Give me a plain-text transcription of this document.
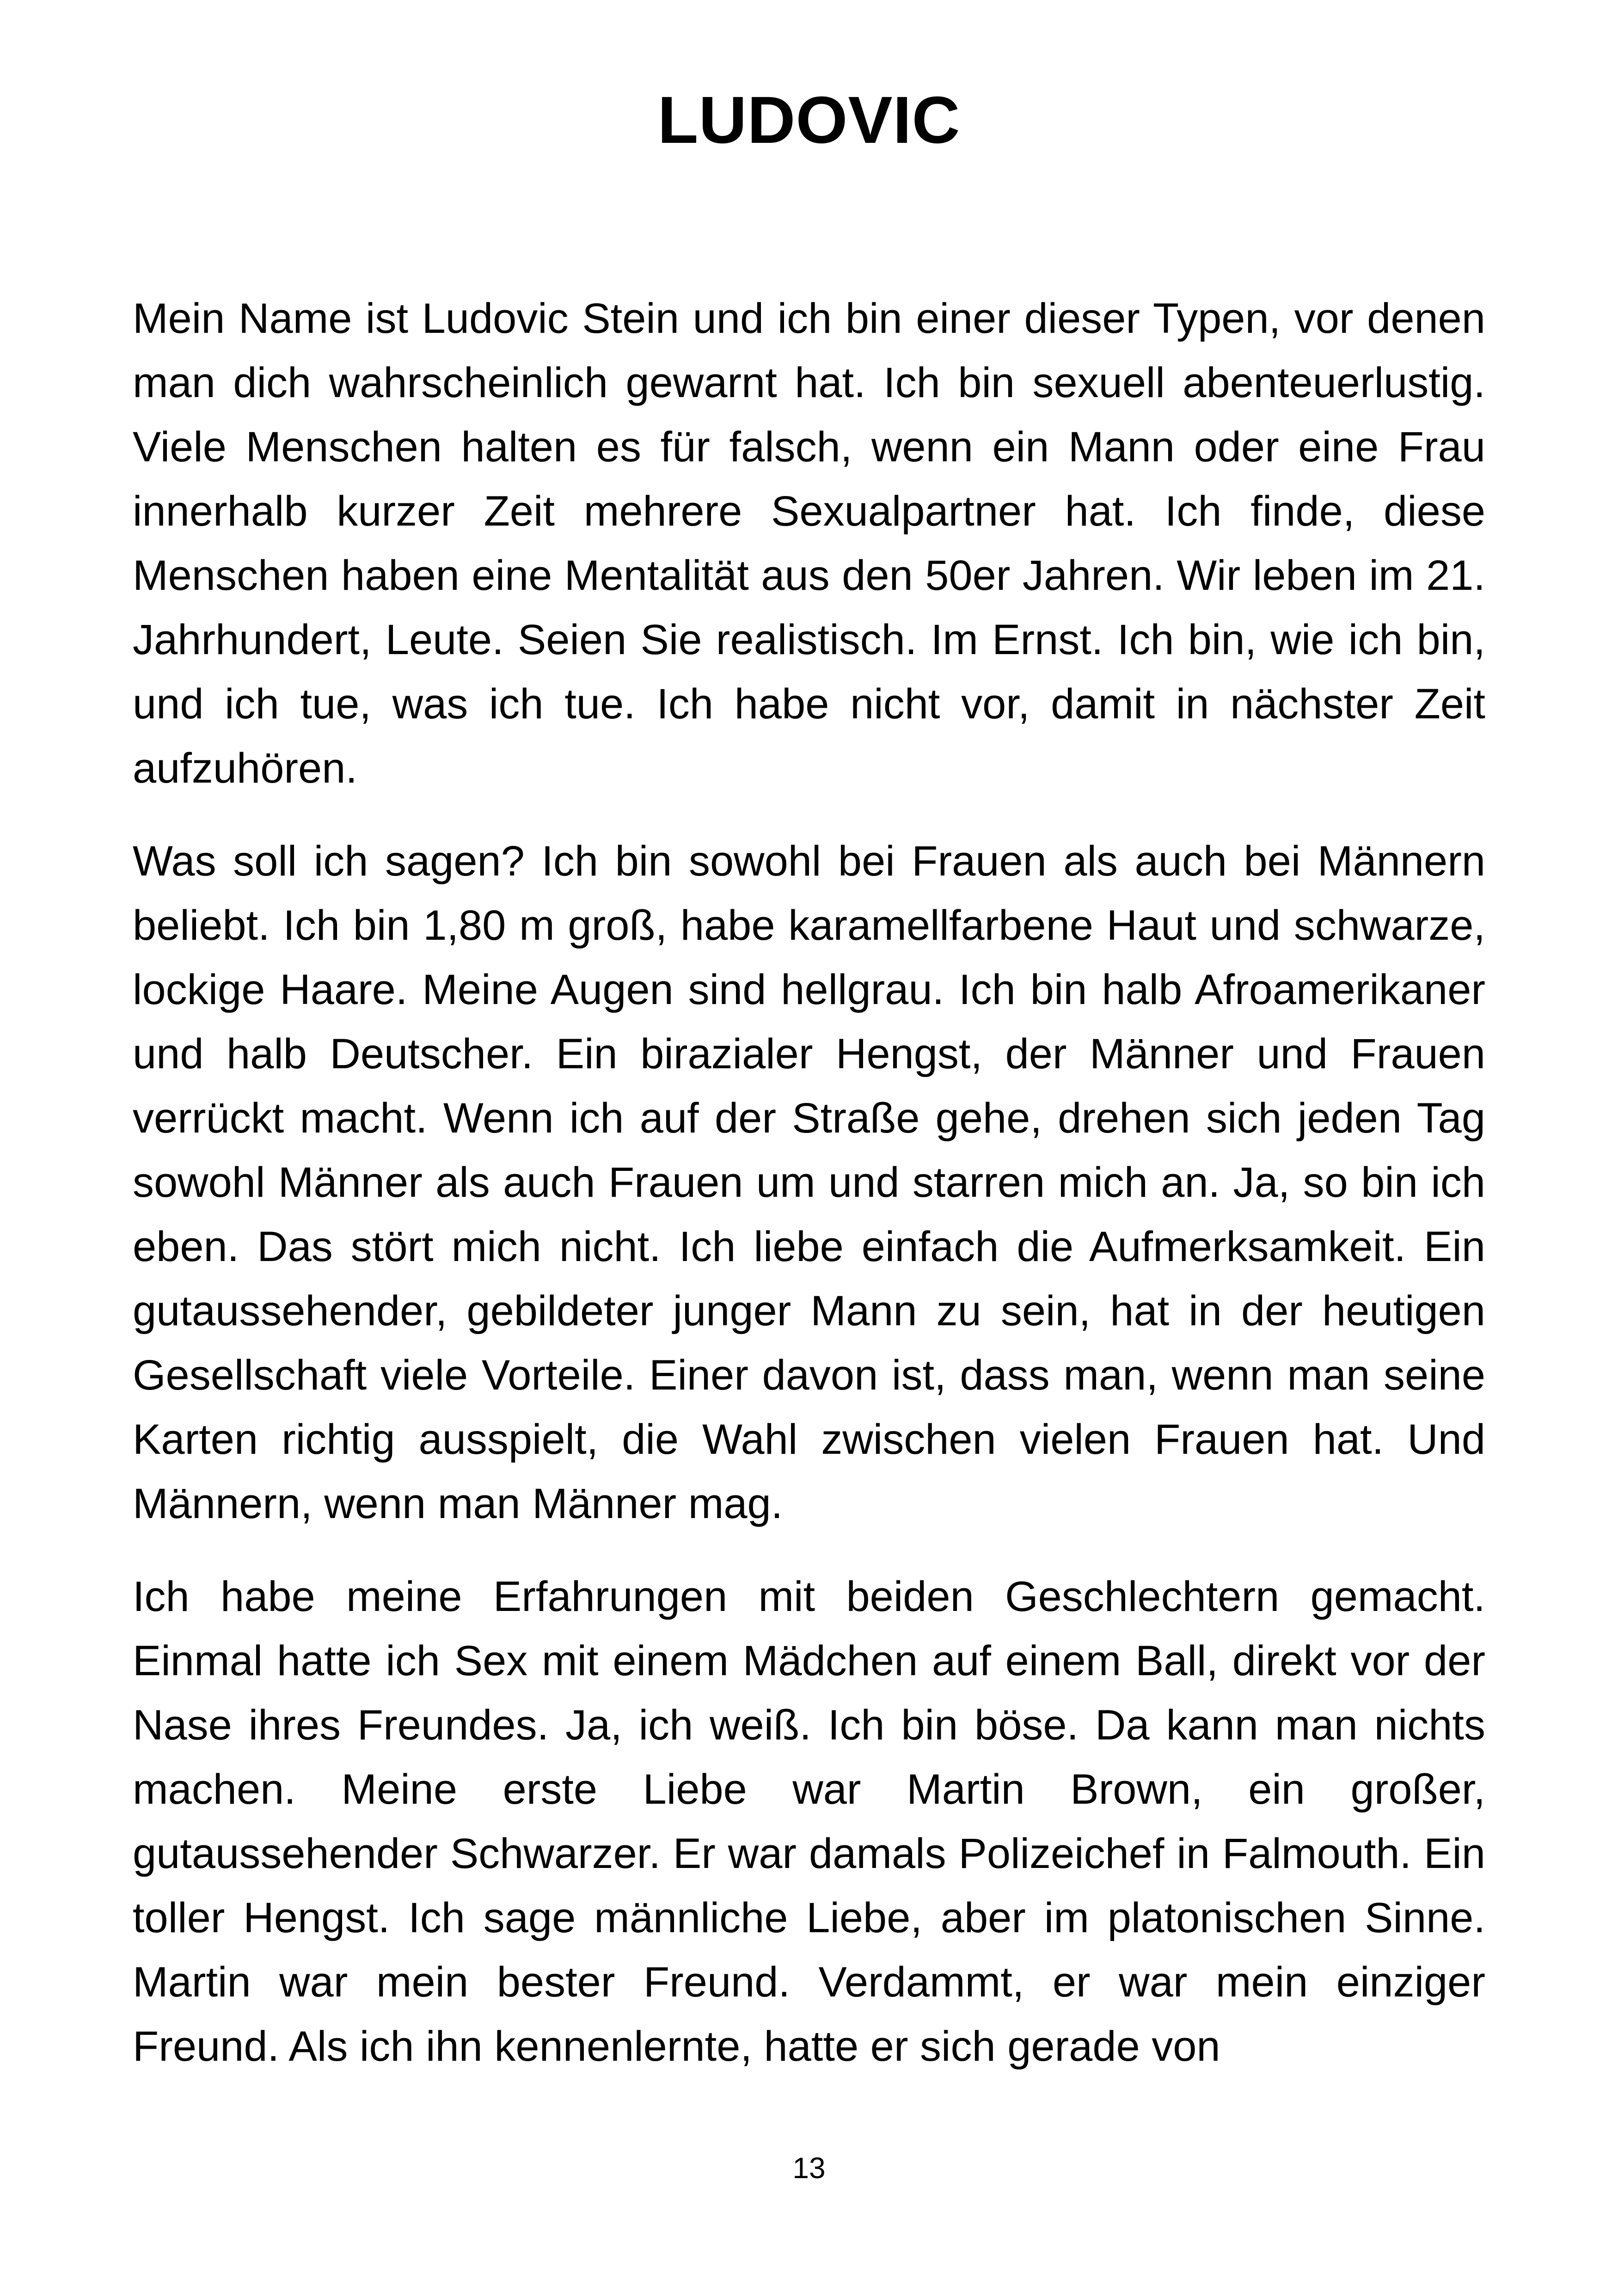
LUDOVIC

Mein Name ist Ludovic Stein und ich bin einer dieser Typen, vor denen man dich wahrscheinlich gewarnt hat. Ich bin sexuell abenteuerlustig. Viele Menschen halten es für falsch, wenn ein Mann oder eine Frau innerhalb kurzer Zeit mehrere Sexualpartner hat. Ich finde, diese Menschen haben eine Mentalität aus den 50er Jahren. Wir leben im 21. Jahrhundert, Leute. Seien Sie realistisch. Im Ernst. Ich bin, wie ich bin, und ich tue, was ich tue. Ich habe nicht vor, damit in nächster Zeit aufzuhören.

Was soll ich sagen? Ich bin sowohl bei Frauen als auch bei Männern beliebt. Ich bin 1,80 m groß, habe karamellfarbene Haut und schwarze, lockige Haare. Meine Augen sind hellgrau. Ich bin halb Afroamerikaner und halb Deutscher. Ein birazialer Hengst, der Männer und Frauen verrückt macht. Wenn ich auf der Straße gehe, drehen sich jeden Tag sowohl Männer als auch Frauen um und starren mich an. Ja, so bin ich eben. Das stört mich nicht. Ich liebe einfach die Aufmerksamkeit. Ein gutaussehender, gebildeter junger Mann zu sein, hat in der heutigen Gesellschaft viele Vorteile. Einer davon ist, dass man, wenn man seine Karten richtig ausspielt, die Wahl zwischen vielen Frauen hat. Und Männern, wenn man Männer mag.

Ich habe meine Erfahrungen mit beiden Geschlechtern gemacht. Einmal hatte ich Sex mit einem Mädchen auf einem Ball, direkt vor der Nase ihres Freundes. Ja, ich weiß. Ich bin böse. Da kann man nichts machen. Meine erste Liebe war Martin Brown, ein großer, gutaussehender Schwarzer. Er war damals Polizeichef in Falmouth. Ein toller Hengst. Ich sage männliche Liebe, aber im platonischen Sinne. Martin war mein bester Freund. Verdammt, er war mein einziger Freund. Als ich ihn kennenlernte, hatte er sich gerade von

13
